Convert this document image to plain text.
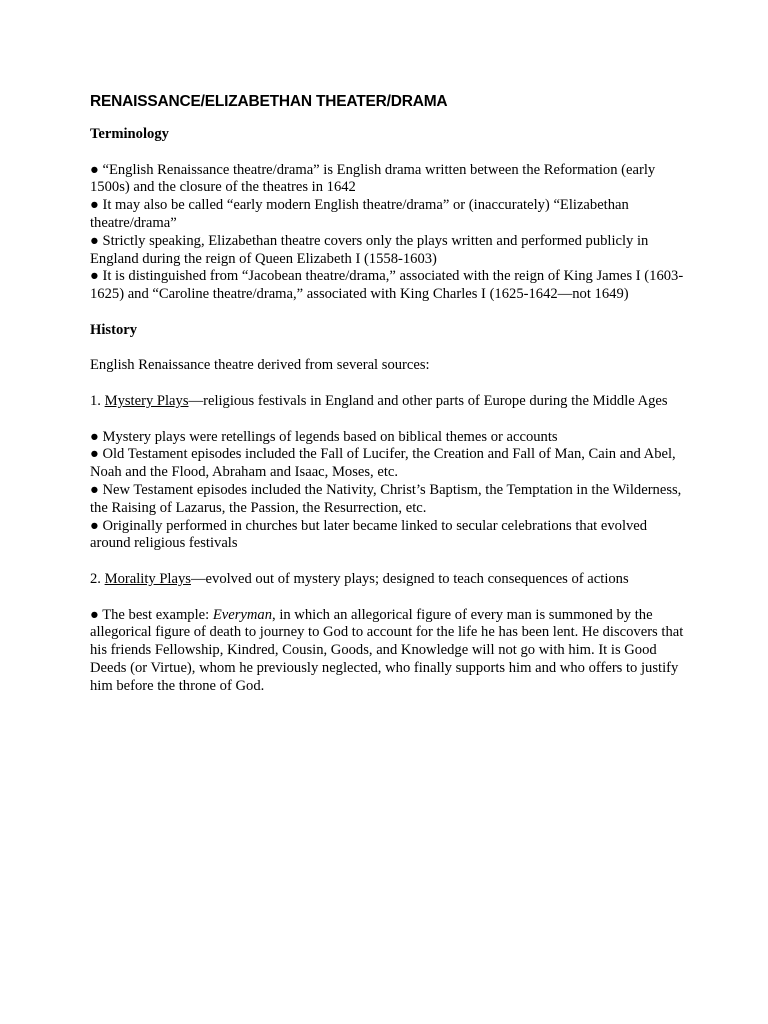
RENAISSANCE/ELIZABETHAN THEATER/DRAMA

Terminology

● “English Renaissance theatre/drama” is English drama written between the Reformation (early 1500s) and the closure of the theatres in 1642

● It may also be called “early modern English theatre/drama” or (inaccurately) “Elizabethan theatre/drama”

● Strictly speaking, Elizabethan theatre covers only the plays written and performed publicly in England during the reign of Queen Elizabeth I (1558-1603)

● It is distinguished from “Jacobean theatre/drama,” associated with the reign of King James I (1603-1625) and “Caroline theatre/drama,” associated with King Charles I (1625-1642—not 1649)

History

English Renaissance theatre derived from several sources:

1. Mystery Plays—religious festivals in England and other parts of Europe during the Middle Ages

● Mystery plays were retellings of legends based on biblical themes or accounts

● Old Testament episodes included the Fall of Lucifer, the Creation and Fall of Man, Cain and Abel, Noah and the Flood, Abraham and Isaac, Moses, etc.

● New Testament episodes included the Nativity, Christ’s Baptism, the Temptation in the Wilderness, the Raising of Lazarus, the Passion, the Resurrection, etc.

● Originally performed in churches but later became linked to secular celebrations that evolved around religious festivals

2. Morality Plays—evolved out of mystery plays; designed to teach consequences of actions

● The best example: Everyman, in which an allegorical figure of every man is summoned by the allegorical figure of death to journey to God to account for the life he has been lent. He discovers that his friends Fellowship, Kindred, Cousin, Goods, and Knowledge will not go with him. It is Good Deeds (or Virtue), whom he previously neglected, who finally supports him and who offers to justify him before the throne of God.
